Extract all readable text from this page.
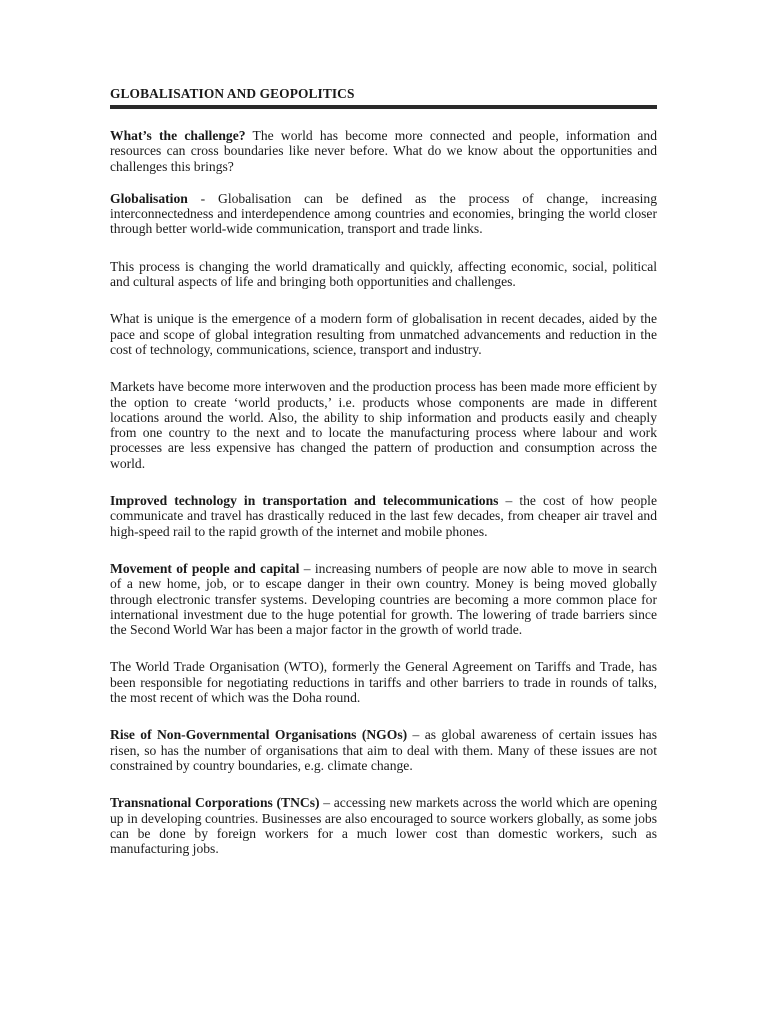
GLOBALISATION AND GEOPOLITICS

What’s the challenge? The world has become more connected and people, information and resources can cross boundaries like never before. What do we know about the opportunities and challenges this brings?

Globalisation - Globalisation can be defined as the process of change, increasing interconnectedness and interdependence among countries and economies, bringing the world closer through better world-wide communication, transport and trade links.

This process is changing the world dramatically and quickly, affecting economic, social, political and cultural aspects of life and bringing both opportunities and challenges.

What is unique is the emergence of a modern form of globalisation in recent decades, aided by the pace and scope of global integration resulting from unmatched advancements and reduction in the cost of technology, communications, science, transport and industry.

Markets have become more interwoven and the production process has been made more efficient by the option to create ‘world products,’ i.e. products whose components are made in different locations around the world. Also, the ability to ship information and products easily and cheaply from one country to the next and to locate the manufacturing process where labour and work processes are less expensive has changed the pattern of production and consumption across the world.

Improved technology in transportation and telecommunications – the cost of how people communicate and travel has drastically reduced in the last few decades, from cheaper air travel and high-speed rail to the rapid growth of the internet and mobile phones.

Movement of people and capital – increasing numbers of people are now able to move in search of a new home, job, or to escape danger in their own country. Money is being moved globally through electronic transfer systems. Developing countries are becoming a more common place for international investment due to the huge potential for growth. The lowering of trade barriers since the Second World War has been a major factor in the growth of world trade.

The World Trade Organisation (WTO), formerly the General Agreement on Tariffs and Trade, has been responsible for negotiating reductions in tariffs and other barriers to trade in rounds of talks, the most recent of which was the Doha round.

Rise of Non-Governmental Organisations (NGOs) – as global awareness of certain issues has risen, so has the number of organisations that aim to deal with them. Many of these issues are not constrained by country boundaries, e.g. climate change.

Transnational Corporations (TNCs) – accessing new markets across the world which are opening up in developing countries. Businesses are also encouraged to source workers globally, as some jobs can be done by foreign workers for a much lower cost than domestic workers, such as manufacturing jobs.
